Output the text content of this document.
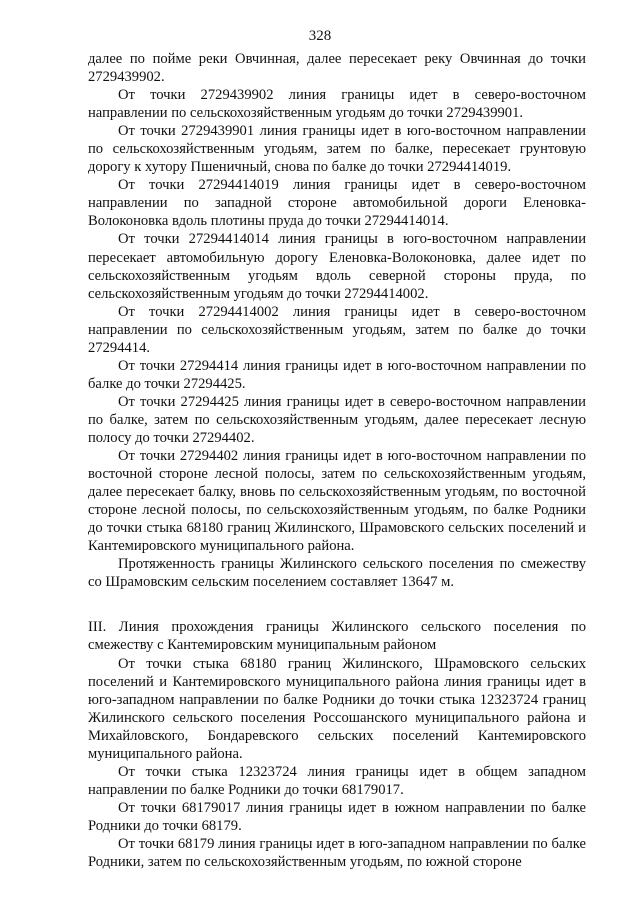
328

далее по пойме реки Овчинная, далее пересекает реку Овчинная до точки 2729439902.

От точки 2729439902 линия границы идет в северо-восточном направлении по сельскохозяйственным угодьям до точки 2729439901.

От точки 2729439901 линия границы идет в юго-восточном направлении по сельскохозяйственным угодьям, затем по балке, пересекает грунтовую дорогу к хутору Пшеничный, снова по балке до точки 27294414019.

От точки 27294414019 линия границы идет в северо-восточном направлении по западной стороне автомобильной дороги Еленовка-Волоконовка вдоль плотины пруда до точки 27294414014.

От точки 27294414014 линия границы в юго-восточном направлении пересекает автомобильную дорогу Еленовка-Волоконовка, далее идет по сельскохозяйственным угодьям вдоль северной стороны пруда, по сельскохозяйственным угодьям до точки 27294414002.

От точки 27294414002 линия границы идет в северо-восточном направлении по сельскохозяйственным угодьям, затем по балке до точки 27294414.

От точки 27294414 линия границы идет в юго-восточном направлении по балке до точки 27294425.

От точки 27294425 линия границы идет в северо-восточном направлении по балке, затем по сельскохозяйственным угодьям, далее пересекает лесную полосу до точки 27294402.

От точки 27294402 линия границы идет в юго-восточном направлении по восточной стороне лесной полосы, затем по сельскохозяйственным угодьям, далее пересекает балку, вновь по сельскохозяйственным угодьям, по восточной стороне лесной полосы, по сельскохозяйственным угодьям, по балке Родники до точки стыка 68180 границ Жилинского, Шрамовского сельских поселений и Кантемировского муниципального района.

Протяженность границы Жилинского сельского поселения по смежеству со Шрамовским сельским поселением составляет 13647 м.

III. Линия прохождения границы Жилинского сельского поселения по смежеству с Кантемировским муниципальным районом

От точки стыка 68180 границ Жилинского, Шрамовского сельских поселений и Кантемировского муниципального района линия границы идет в юго-западном направлении по балке Родники до точки стыка 12323724 границ Жилинского сельского поселения Россошанского муниципального района и Михайловского, Бондаревского сельских поселений Кантемировского муниципального района.

От точки стыка 12323724 линия границы идет в общем западном направлении по балке Родники до точки 68179017.

От точки 68179017 линия границы идет в южном направлении по балке Родники до точки 68179.

От точки 68179 линия границы идет в юго-западном направлении по балке Родники, затем по сельскохозяйственным угодьям, по южной стороне
